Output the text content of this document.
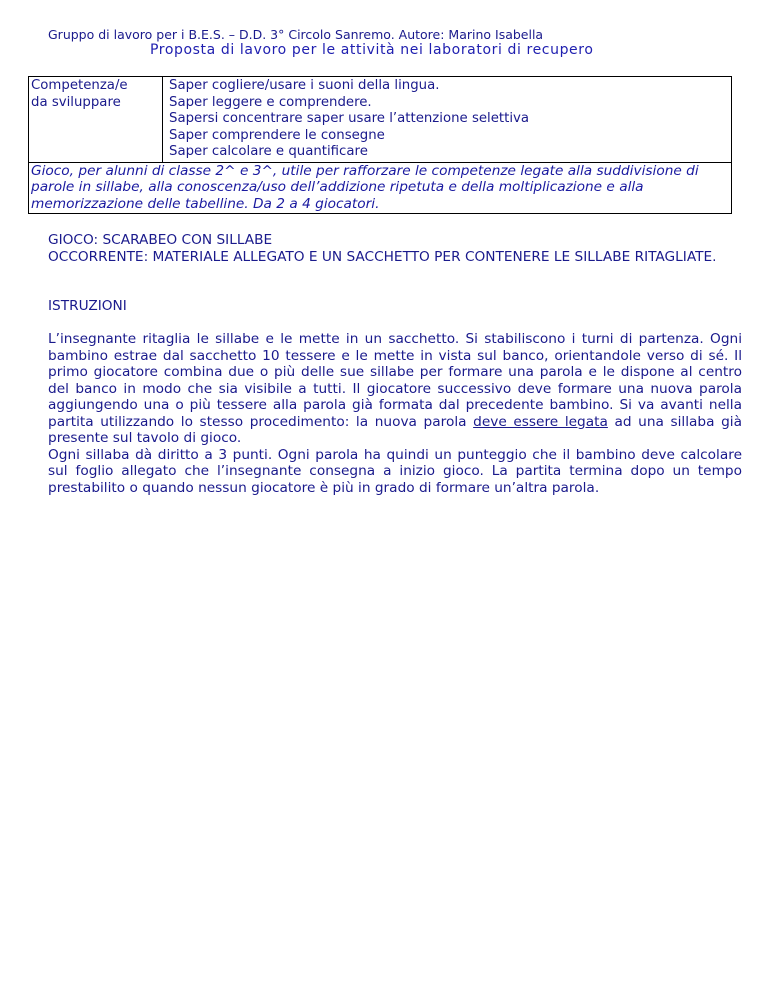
Gruppo di lavoro per i B.E.S. – D.D. 3° Circolo Sanremo. Autore: Marino Isabella
Proposta di lavoro per le attività nei laboratori di recupero
Competenza/e
da sviluppare
Saper cogliere/usare i suoni della lingua.
Saper leggere e comprendere.
Sapersi concentrare saper usare l’attenzione selettiva
Saper comprendere le consegne
Saper calcolare e quantificare
Gioco, per alunni di classe 2^ e 3^, utile per rafforzare le competenze legate alla suddivisione di parole in sillabe, alla conoscenza/uso dell’addizione ripetuta e della moltiplicazione e alla memorizzazione delle tabelline. Da 2 a 4 giocatori.
GIOCO: SCARABEO CON SILLABE
OCCORRENTE: MATERIALE ALLEGATO E UN SACCHETTO PER CONTENERE LE SILLABE RITAGLIATE.
ISTRUZIONI

L’insegnante ritaglia le sillabe e le mette in un sacchetto. Si stabiliscono i turni di partenza. Ogni bambino estrae dal sacchetto 10 tessere e le mette in vista sul banco, orientandole verso di sé. Il primo giocatore combina due o più delle sue sillabe per formare una parola e le dispone al centro del banco in modo che sia visibile a tutti. Il giocatore successivo deve formare una nuova parola aggiungendo una o più tessere alla parola già formata dal precedente bambino. Si va avanti nella partita utilizzando lo stesso procedimento: la nuova parola deve essere legata ad una sillaba già presente sul tavolo di gioco.

Ogni sillaba dà diritto a 3 punti. Ogni parola ha quindi un punteggio che il bambino deve calcolare sul foglio allegato che l’insegnante consegna a inizio gioco. La partita termina dopo un tempo prestabilito o quando nessun giocatore è più in grado di formare un’altra parola.
